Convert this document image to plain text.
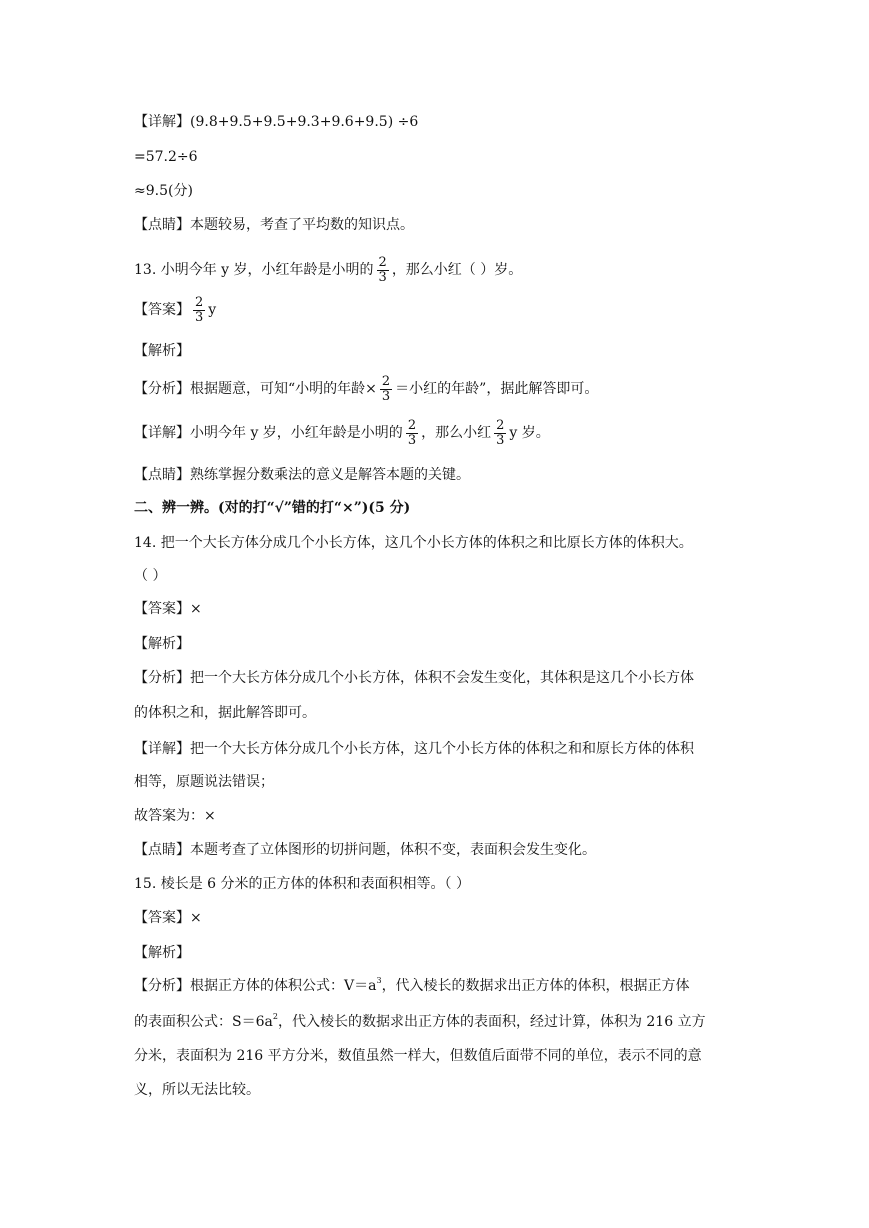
【详解】(9.8+9.5+9.5+9.3+9.6+9.5) ÷6
=57.2÷6
≈9.5(分)
【点睛】本题较易，考查了平均数的知识点。
13. 小明今年 y 岁，小红年龄是小明的 $\frac{2}{3}$ ，那么小红（ ）岁。
【答案】 $\frac{2}{3}$ y
【解析】
【分析】根据题意，可知“小明的年龄× $\frac{2}{3}$ ＝小红的年龄”，据此解答即可。
【详解】小明今年 y 岁，小红年龄是小明的 $\frac{2}{3}$ ，那么小红 $\frac{2}{3}$ y 岁。
【点睛】熟练掌握分数乘法的意义是解答本题的关键。
二、辨一辨。(对的打“√”错的打“×”)(5 分)
14. 把一个大长方体分成几个小长方体，这几个小长方体的体积之和比原长方体的体积大。
（ ）
【答案】×
【解析】
【分析】把一个大长方体分成几个小长方体，体积不会发生变化，其体积是这几个小长方体
的体积之和，据此解答即可。
【详解】把一个大长方体分成几个小长方体，这几个小长方体的体积之和和原长方体的体积
相等，原题说法错误；
故答案为：×
【点睛】本题考查了立体图形的切拼问题，体积不变，表面积会发生变化。
15. 棱长是 6 分米的正方体的体积和表面积相等。（ ）
【答案】×
【解析】
【分析】根据正方体的体积公式：$V=a^3$，代入棱长的数据求出正方体的体积，根据正方体
的表面积公式：$S=6a^2$，代入棱长的数据求出正方体的表面积，经过计算，体积为 216 立方
分米，表面积为 216 平方分米，数值虽然一样大，但数值后面带不同的单位，表示不同的意
义，所以无法比较。
